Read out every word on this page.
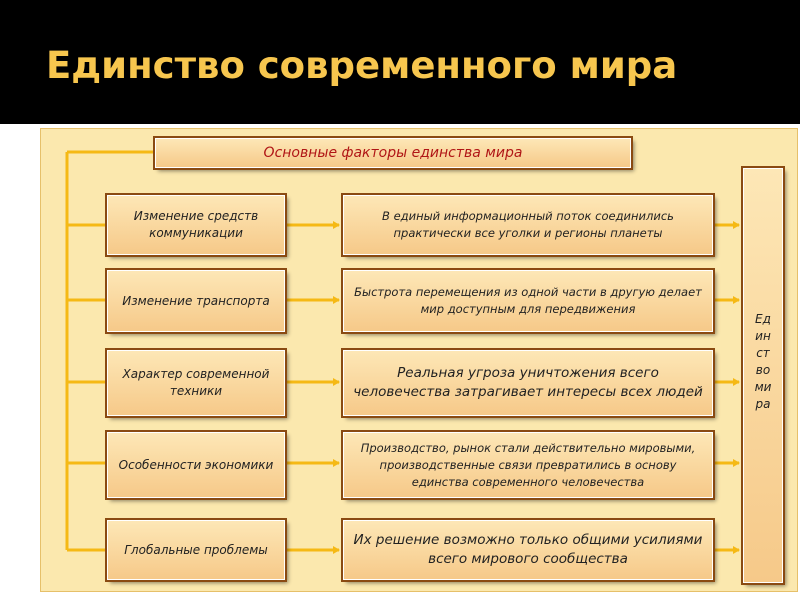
Единство современного мира
Основные факторы единства мира
Изменение средств коммуникации
Изменение транспорта
Характер современной техники
Особенности экономики
Глобальные проблемы
В единый информационный поток соединились практически все уголки и регионы планеты
Быстрота перемещения из одной части в другую делает мир доступным для передвижения
Реальная угроза уничтожения всего человечества затрагивает интересы всех людей
Производство, рынок стали действительно мировыми, производственные связи превратились в основу единства современного человечества
Их решение возможно только общими усилиями всего мирового сообщества
Ед
ин
ст
во
ми
ра
